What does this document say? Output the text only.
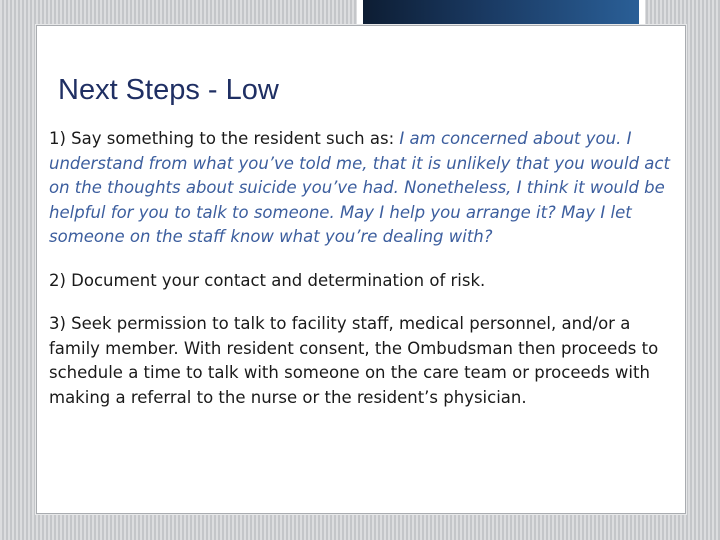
Next Steps - Low

1) Say something to the resident such as: I am concerned about you. I understand from what you’ve told me, that it is unlikely that you would act on the thoughts about suicide you’ve had. Nonetheless, I think it would be helpful for you to talk to someone. May I help you arrange it? May I let someone on the staff know what you’re dealing with?

2) Document your contact and determination of risk.

3) Seek permission to talk to facility staff, medical personnel, and/or a family member. With resident consent, the Ombudsman then proceeds to schedule a time to talk with someone on the care team or proceeds with making a referral to the nurse or the resident’s physician.
